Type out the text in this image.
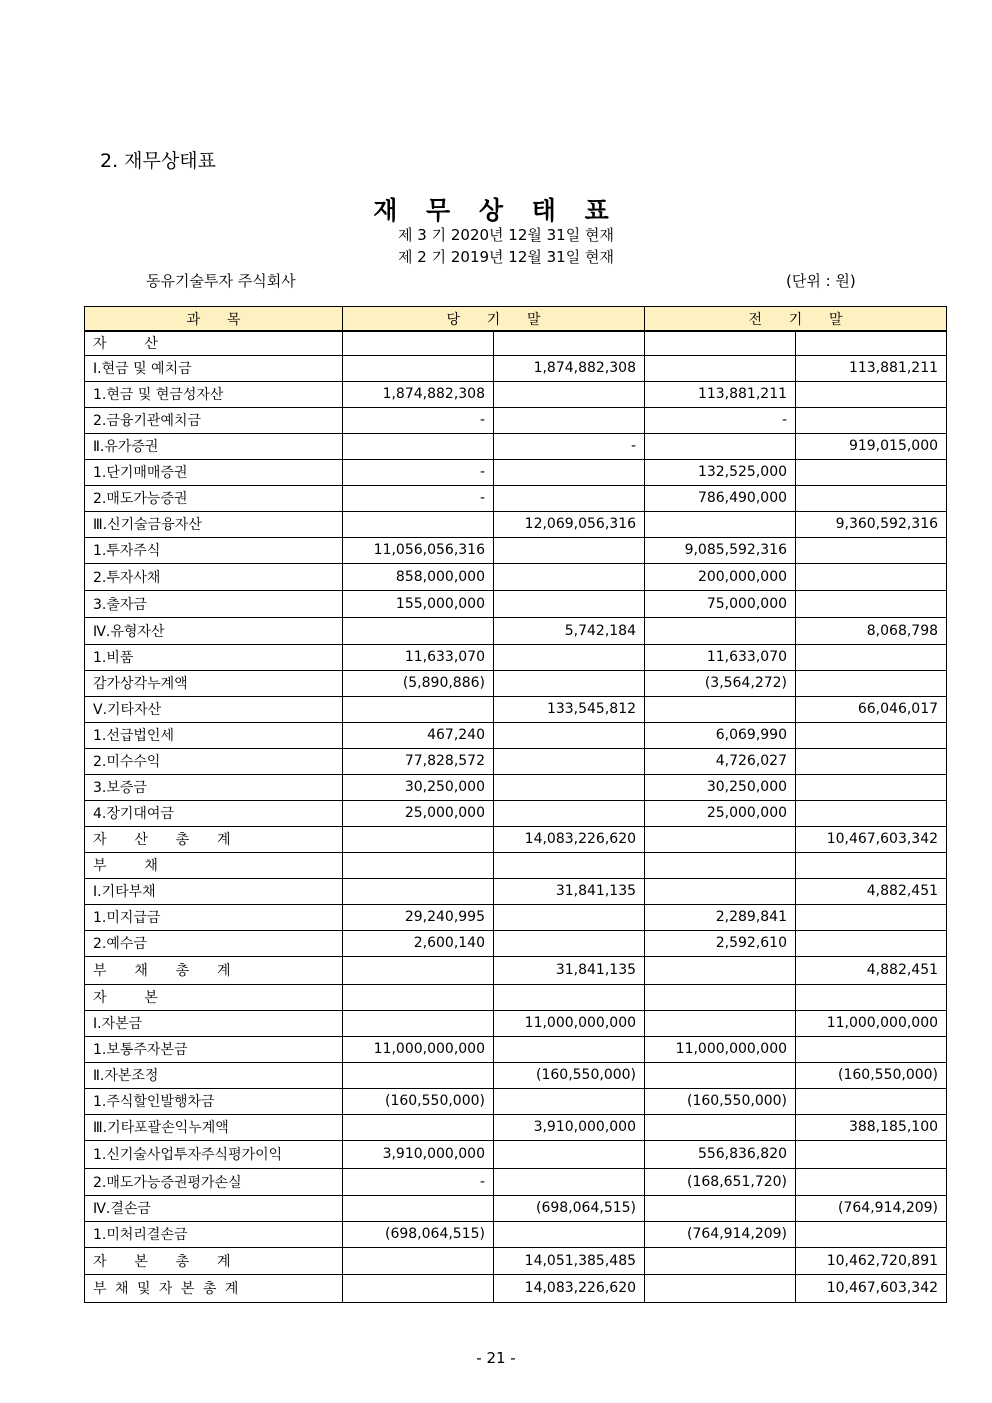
2. 재무상태표
재 무 상 태 표
제 3 기 2020년 12월 31일 현재
제 2 기 2019년 12월 31일 현재
동유기술투자 주식회사	(단위 : 원)
과      목	당      기      말		전      기      말	
자    산				
Ⅰ.현금 및 예치금		1,874,882,308		113,881,211
1.현금 및 현금성자산	1,874,882,308		113,881,211	
2.금융기관예치금	-		-	
Ⅱ.유가증권		-		919,015,000
1.단기매매증권	-		132,525,000	
2.매도가능증권	-		786,490,000	
Ⅲ.신기술금융자산		12,069,056,316		9,360,592,316
1.투자주식	11,056,056,316		9,085,592,316	
2.투자사채	858,000,000		200,000,000	
3.출자금	155,000,000		75,000,000	
Ⅳ.유형자산		5,742,184		8,068,798
1.비품	11,633,070		11,633,070	
감가상각누계액	(5,890,886)		(3,564,272)	
Ⅴ.기타자산		133,545,812		66,046,017
1.선급법인세	467,240		6,069,990	
2.미수수익	77,828,572		4,726,027	
3.보증금	30,250,000		30,250,000	
4.장기대여금	25,000,000		25,000,000	
자    산    총    계		14,083,226,620		10,467,603,342
부    채				
Ⅰ.기타부채		31,841,135		4,882,451
1.미지급금	29,240,995		2,289,841	
2.예수금	2,600,140		2,592,610	
부    채    총    계		31,841,135		4,882,451
자    본				
Ⅰ.자본금		11,000,000,000		11,000,000,000
1.보통주자본금	11,000,000,000		11,000,000,000	
Ⅱ.자본조정		(160,550,000)		(160,550,000)
1.주식할인발행차금	(160,550,000)		(160,550,000)	
Ⅲ.기타포괄손익누계액		3,910,000,000		388,185,100
1.신기술사업투자주식평가이익	3,910,000,000		556,836,820	
2.매도가능증권평가손실	-		(168,651,720)	
Ⅳ.결손금		(698,064,515)		(764,914,209)
1.미처리결손금	(698,064,515)		(764,914,209)	
자    본    총    계		14,051,385,485		10,462,720,891
부 채 및 자 본 총 계		14,083,226,620		10,467,603,342
- 21 -
